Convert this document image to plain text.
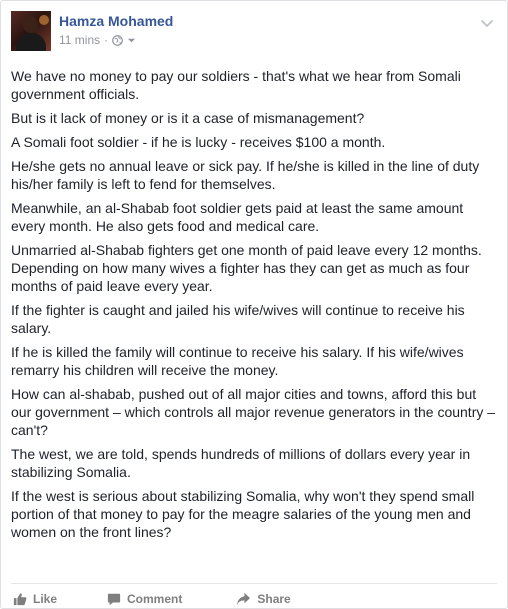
Hamza Mohamed
11 mins ·

We have no money to pay our soldiers - that's what we hear from Somali government officials.

But is it lack of money or is it a case of mismanagement?

A Somali foot soldier - if he is lucky - receives $100 a month.

He/she gets no annual leave or sick pay. If he/she is killed in the line of duty his/her family is left to fend for themselves.

Meanwhile, an al-Shabab foot soldier gets paid at least the same amount every month. He also gets food and medical care.

Unmarried al-Shabab fighters get one month of paid leave every 12 months. Depending on how many wives a fighter has they can get as much as four months of paid leave every year.

If the fighter is caught and jailed his wife/wives will continue to receive his salary.

If he is killed the family will continue to receive his salary. If his wife/wives remarry his children will receive the money.

How can al-shabab, pushed out of all major cities and towns, afford this but our government – which controls all major revenue generators in the country – can't?

The west, we are told, spends hundreds of millions of dollars every year in stabilizing Somalia.

If the west is serious about stabilizing Somalia, why won't they spend small portion of that money to pay for the meagre salaries of the young men and women on the front lines?

Like	Comment	Share
